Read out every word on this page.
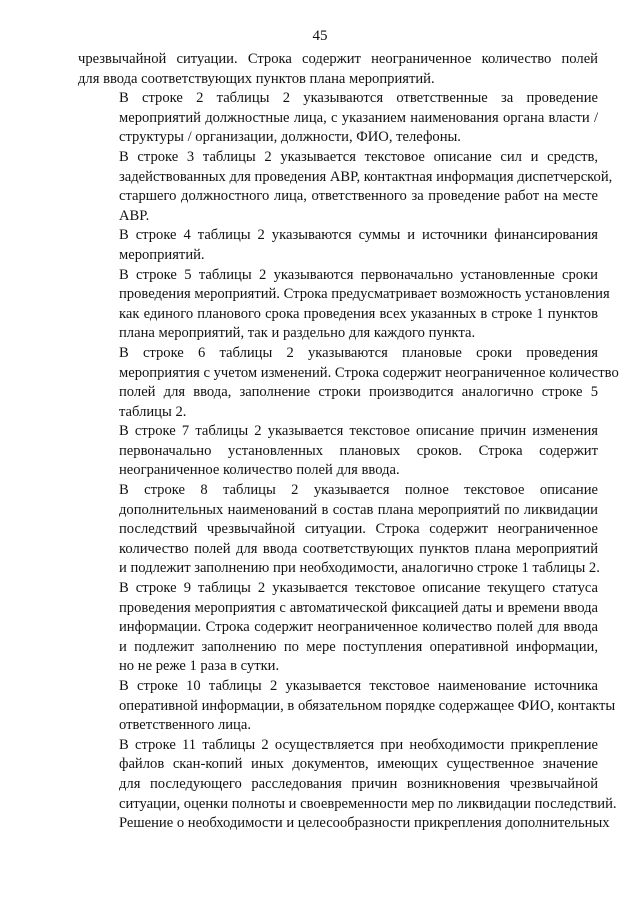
45

чрезвычайной ситуации. Строка содержит неограниченное количество полей
для ввода соответствующих пунктов плана мероприятий.

В строке 2 таблицы 2 указываются ответственные за проведение
мероприятий должностные лица, с указанием наименования органа власти /
структуры / организации, должности, ФИО, телефоны.

В строке 3 таблицы 2 указывается текстовое описание сил и средств,
задействованных для проведения АВР, контактная информация диспетчерской,
старшего должностного лица, ответственного за проведение работ на месте
АВР.

В строке 4 таблицы 2 указываются суммы и источники финансирования
мероприятий.

В строке 5 таблицы 2 указываются первоначально установленные сроки
проведения мероприятий. Строка предусматривает возможность установления
как единого планового срока проведения всех указанных в строке 1 пунктов
плана мероприятий, так и раздельно для каждого пункта.

В строке 6 таблицы 2 указываются плановые сроки проведения
мероприятия с учетом изменений. Строка содержит неограниченное количество
полей для ввода, заполнение строки производится аналогично строке 5
таблицы 2.

В строке 7 таблицы 2 указывается текстовое описание причин изменения
первоначально установленных плановых сроков. Строка содержит
неограниченное количество полей для ввода.

В строке 8 таблицы 2 указывается полное текстовое описание
дополнительных наименований в состав плана мероприятий по ликвидации
последствий чрезвычайной ситуации. Строка содержит неограниченное
количество полей для ввода соответствующих пунктов плана мероприятий
и подлежит заполнению при необходимости, аналогично строке 1 таблицы 2.

В строке 9 таблицы 2 указывается текстовое описание текущего статуса
проведения мероприятия с автоматической фиксацией даты и времени ввода
информации. Строка содержит неограниченное количество полей для ввода
и подлежит заполнению по мере поступления оперативной информации,
но не реже 1 раза в сутки.

В строке 10 таблицы 2 указывается текстовое наименование источника
оперативной информации, в обязательном порядке содержащее ФИО, контакты
ответственного лица.

В строке 11 таблицы 2 осуществляется при необходимости прикрепление
файлов скан-копий иных документов, имеющих существенное значение
для последующего расследования причин возникновения чрезвычайной
ситуации, оценки полноты и своевременности мер по ликвидации последствий.
Решение о необходимости и целесообразности прикрепления дополнительных
